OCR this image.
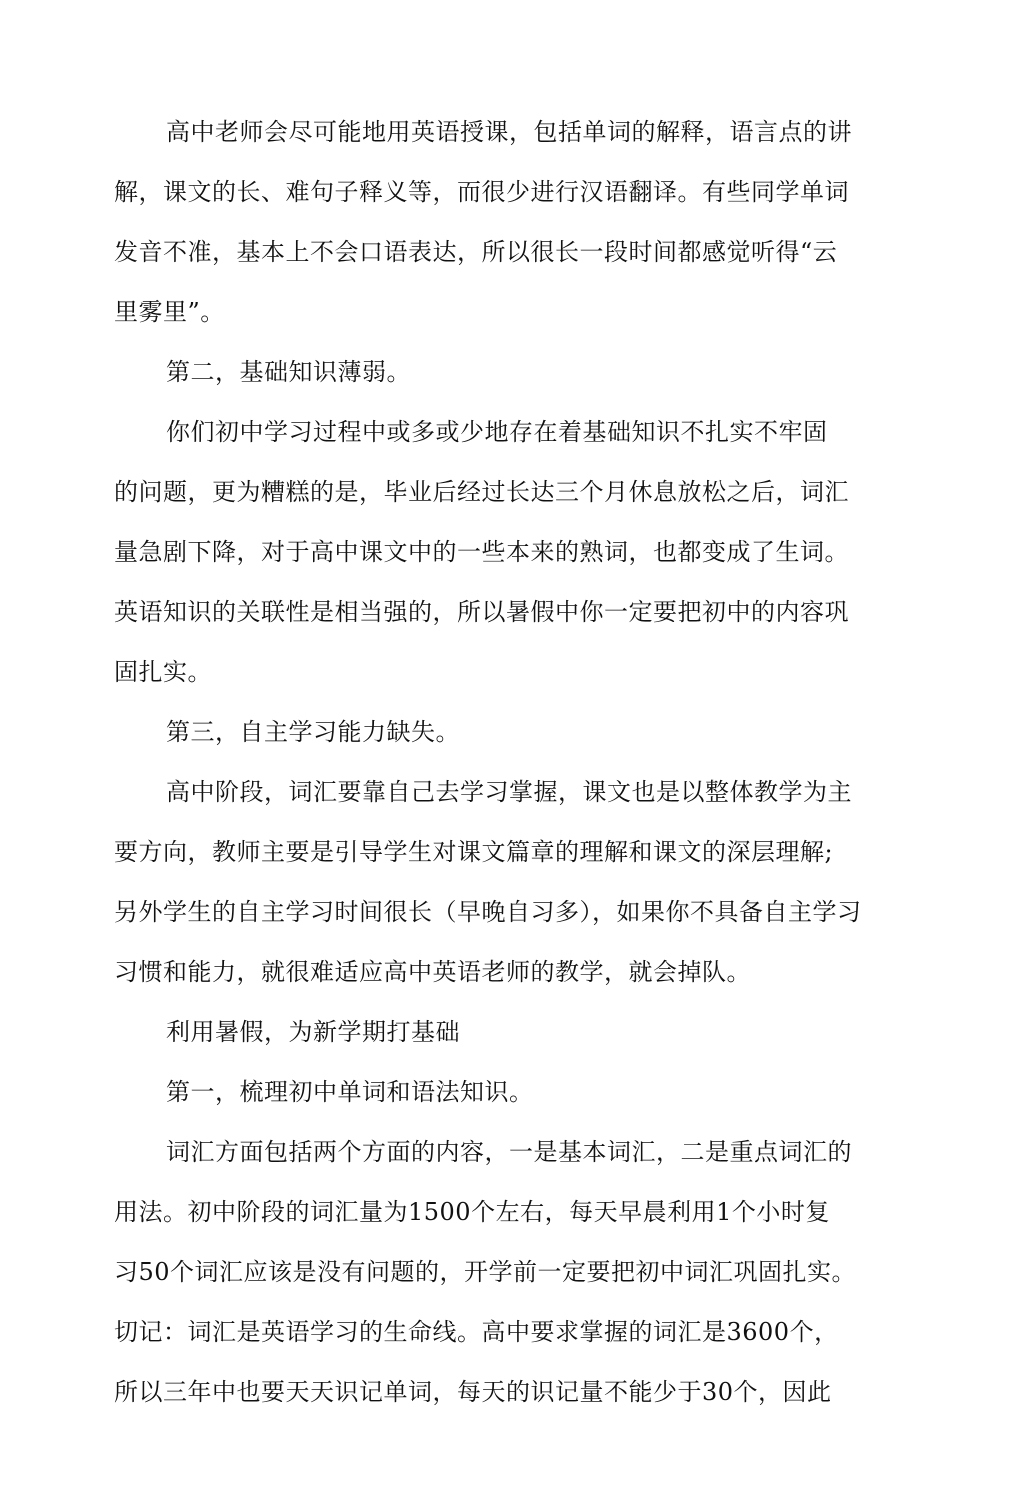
高中老师会尽可能地用英语授课，包括单词的解释，语言点的讲
解，课文的长、难句子释义等，而很少进行汉语翻译。有些同学单词
发音不准，基本上不会口语表达，所以很长一段时间都感觉听得“云
里雾里”。
第二，基础知识薄弱。
你们初中学习过程中或多或少地存在着基础知识不扎实不牢固
的问题，更为糟糕的是，毕业后经过长达三个月休息放松之后，词汇
量急剧下降，对于高中课文中的一些本来的熟词，也都变成了生词。
英语知识的关联性是相当强的，所以暑假中你一定要把初中的内容巩
固扎实。
第三，自主学习能力缺失。
高中阶段，词汇要靠自己去学习掌握，课文也是以整体教学为主
要方向，教师主要是引导学生对课文篇章的理解和课文的深层理解;
另外学生的自主学习时间很长（早晚自习多），如果你不具备自主学习
习惯和能力，就很难适应高中英语老师的教学，就会掉队。
利用暑假，为新学期打基础
第一，梳理初中单词和语法知识。
词汇方面包括两个方面的内容，一是基本词汇，二是重点词汇的
用法。初中阶段的词汇量为1500个左右，每天早晨利用1个小时复
习50个词汇应该是没有问题的，开学前一定要把初中词汇巩固扎实。
切记：词汇是英语学习的生命线。高中要求掌握的词汇是3600个，
所以三年中也要天天识记单词，每天的识记量不能少于30个，因此
